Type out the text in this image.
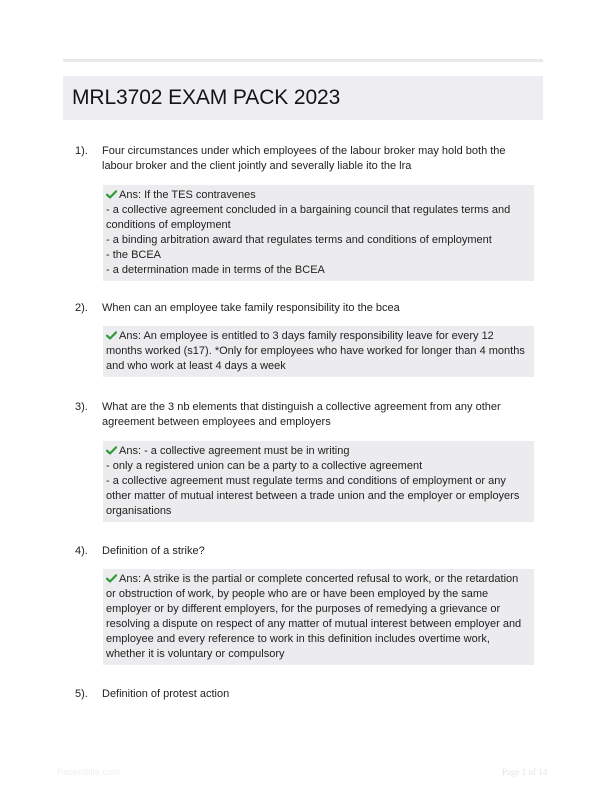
MRL3702 EXAM PACK 2023
1).	Four circumstances under which employees of the labour broker may hold both the labour broker and the client jointly and severally liable ito the lra
Ans: If the TES contravenes
- a collective agreement concluded in a bargaining council that regulates terms and conditions of employment
- a binding arbitration award that regulates terms and conditions of employment
- the BCEA
- a determination made in terms of the BCEA
2).	When can an employee take family responsibility ito the bcea
Ans: An employee is entitled to 3 days family responsibility leave for every 12 months worked (s17). *Only for employees who have worked for longer than 4 months and who work at least 4 days a week
3).	What are the 3 nb elements that distinguish a collective agreement from any other agreement between employees and employers
Ans: - a collective agreement must be in writing
- only a registered union can be a party to a collective agreement
- a collective agreement must regulate terms and conditions of employment or any other matter of mutual interest between a trade union and the employer or employers organisations
4).	Definition of a strike?
Ans: A strike is the partial or complete concerted refusal to work, or the retardation or obstruction of work, by people who are or have been employed by the same employer or by different employers, for the purposes of remedying a grievance or resolving a dispute on respect of any matter of mutual interest between employer and employee and every reference to work in this definition includes overtime work, whether it is voluntary or compulsory
5).	Definition of protest action
Papersbite.com	Page 1 of 14
